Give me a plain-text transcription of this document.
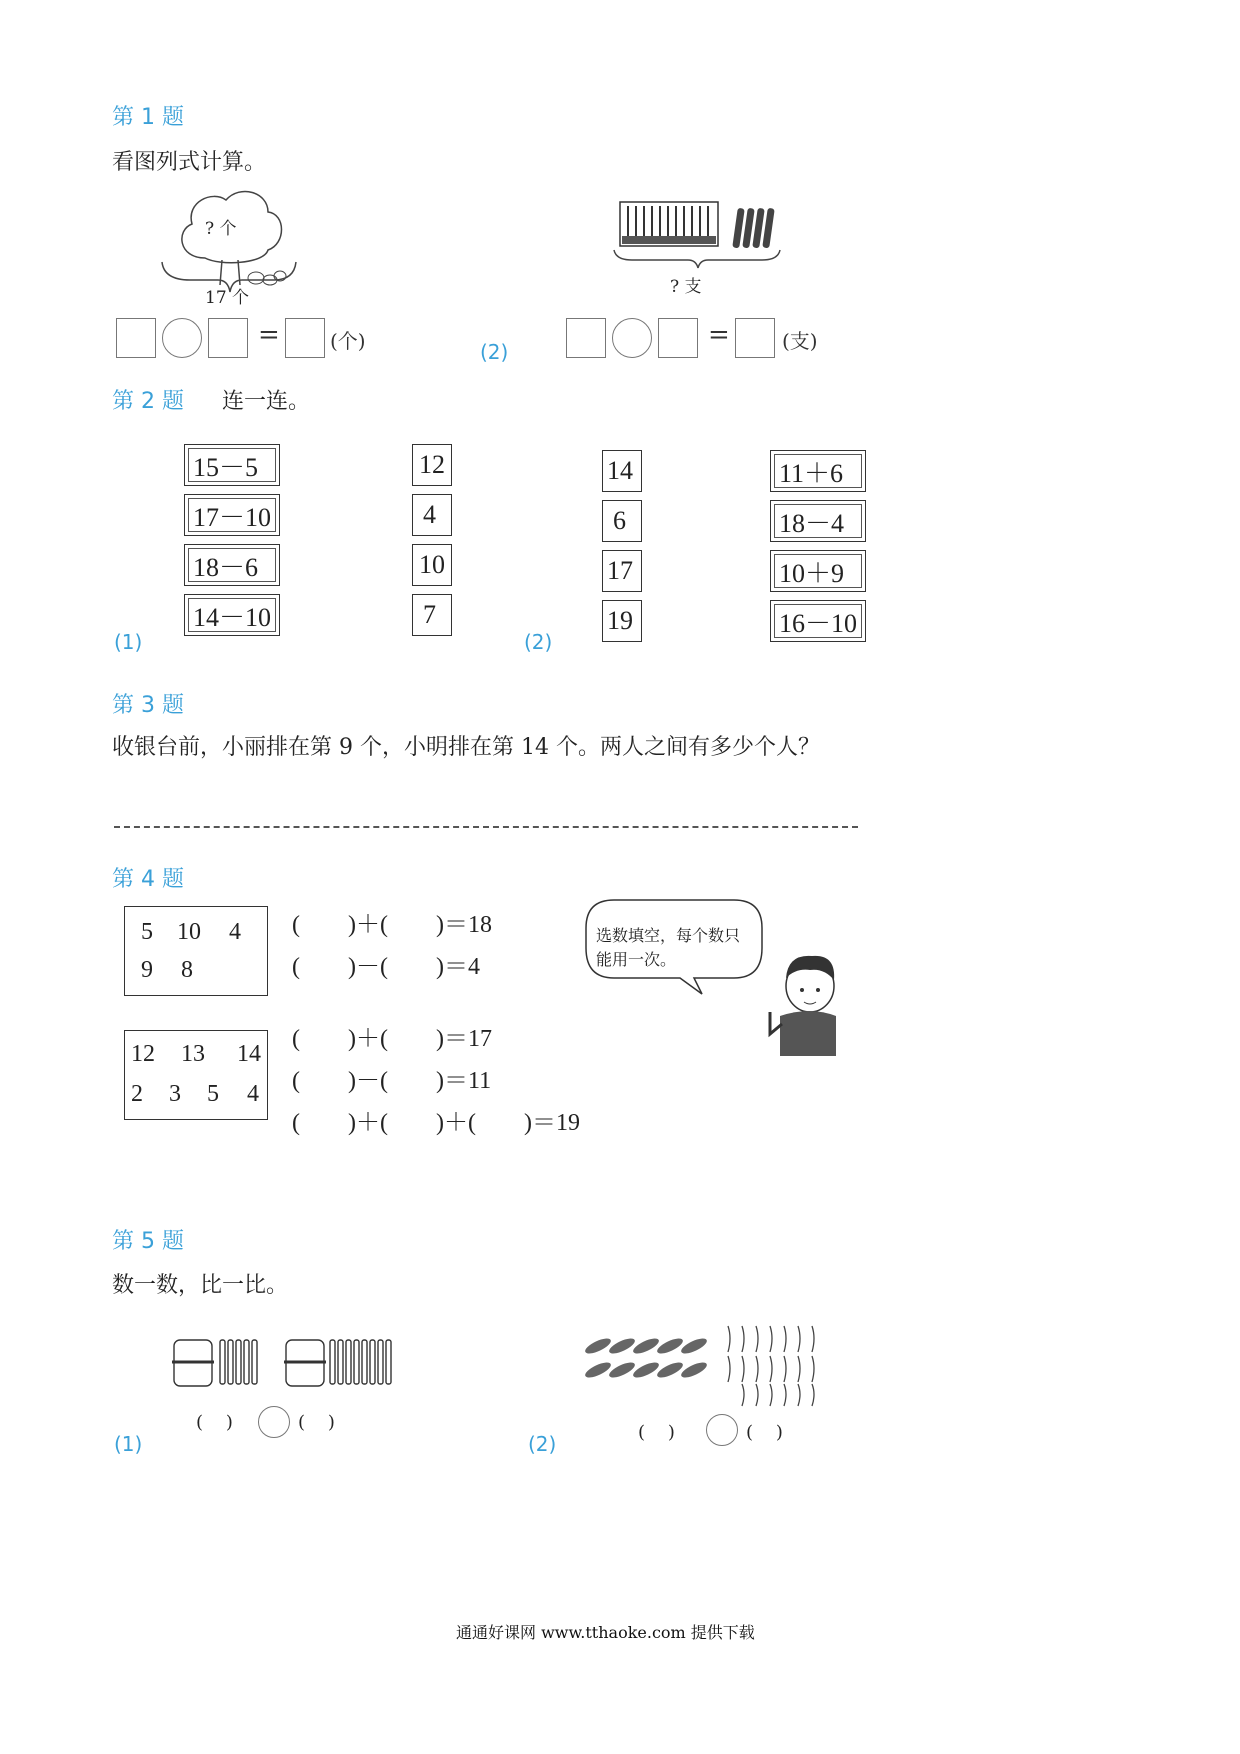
第 1 题
看图列式计算。
? 个
17 个
? 支
=	(个)	(2)
=	(支)
第 2 题 连一连。
15－5
17－10
18－6
14－10
12
4
10
7
(1)	(2)
14
6
17
19
11＋6
18－4
10＋9
16－10
第 3 题
收银台前，小丽排在第 9 个，小明排在第 14 个。两人之间有多少个人？
第 4 题
5 10 4
9 8
(        )＋(        )＝18
(        )－(        )＝4
12 13 14
2 3 5 4
(        )＋(        )＝17
(        )－(        )＝11
(        )＋(        )＋(        )＝19
选数填空，每个数只能用一次。
第 5 题
数一数，比一比。
(    )	(    )
(1)	(    )	(    )
(2)
通通好课网 www.tthaoke.com 提供下载
